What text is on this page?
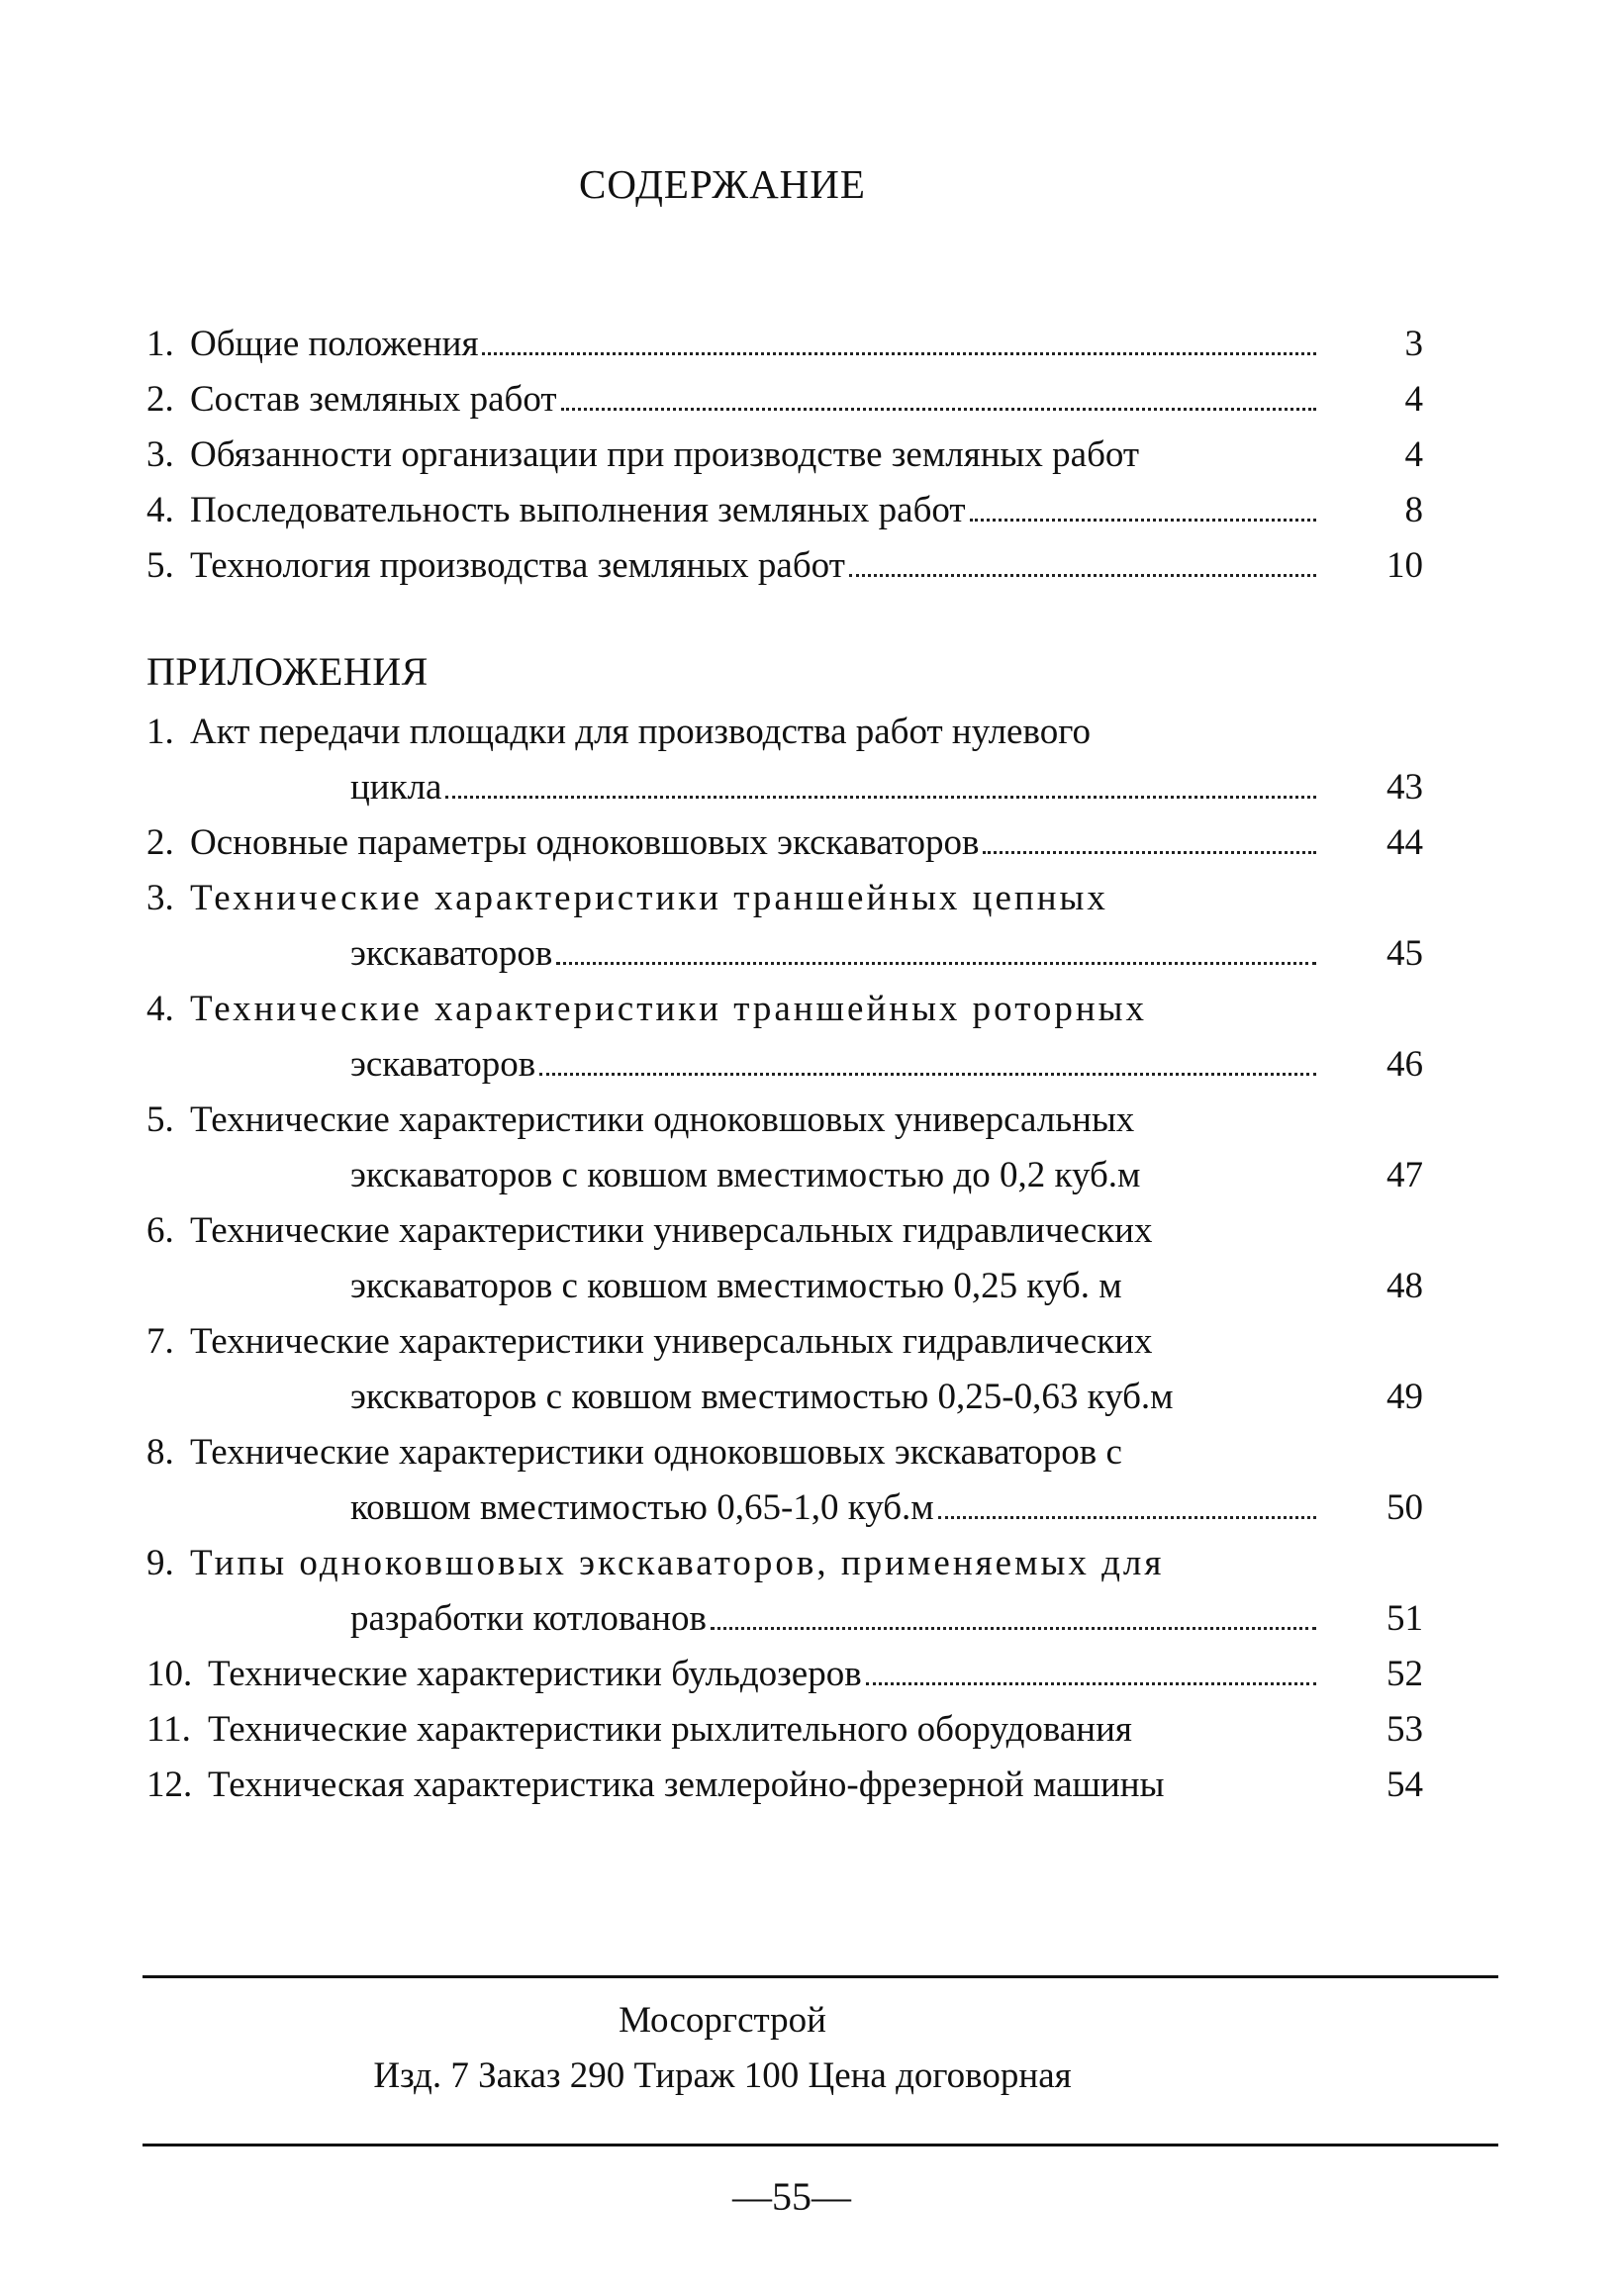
СОДЕРЖАНИЕ
1. Общие положения	3
2. Состав земляных работ	4
3. Обязанности организации при производстве земляных работ	4
4. Последовательность выполнения земляных работ	8
5. Технология производства земляных работ	10
ПРИЛОЖЕНИЯ
1. Акт передачи площадки для производства работ нулевого
цикла	43
2. Основные параметры одноковшовых экскаваторов	44
3. Технические характеристики траншейных цепных
экскаваторов	45
4. Технические характеристики траншейных роторных
эскаваторов	46
5. Технические характеристики одноковшовых универсальных
экскаваторов с ковшом вместимостью до 0,2 куб.м	47
6. Технические характеристики универсальных гидравлических
экскаваторов с ковшом вместимостью 0,25 куб. м	48
7. Технические характеристики универсальных гидравлических
экскваторов с ковшом вместимостью 0,25-0,63 куб.м	49
8. Технические характеристики одноковшовых экскаваторов с
ковшом вместимостью 0,65-1,0 куб.м	50
9. Типы одноковшовых экскаваторов, применяемых для
разработки котлованов	51
10. Технические характеристики бульдозеров	52
11. Технические характеристики рыхлительного оборудования	53
12. Техническая характеристика землеройно-фрезерной машины	54
Мосоргстрой
Изд. 7 Заказ 290 Тираж 100 Цена договорная
—55—
